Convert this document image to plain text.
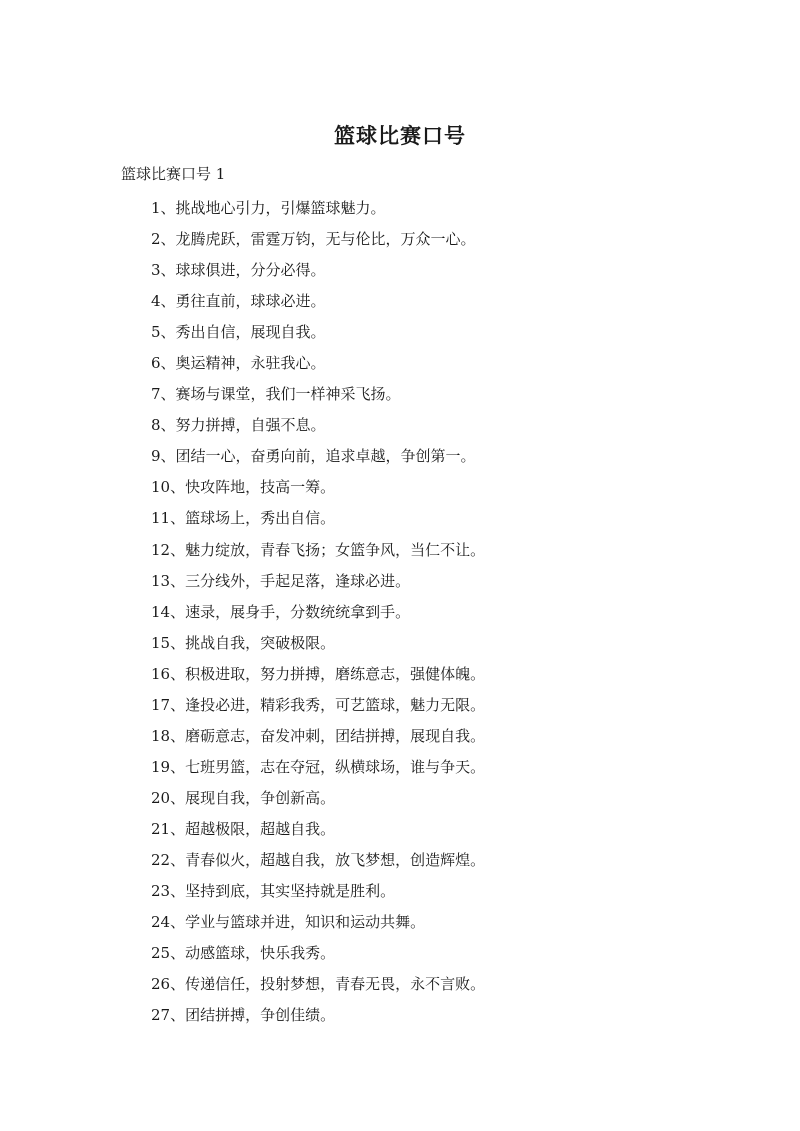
篮球比赛口号
篮球比赛口号 1
1、挑战地心引力，引爆篮球魅力。
2、龙腾虎跃，雷霆万钧，无与伦比，万众一心。
3、球球俱进，分分必得。
4、勇往直前，球球必进。
5、秀出自信，展现自我。
6、奥运精神，永驻我心。
7、赛场与课堂，我们一样神采飞扬。
8、努力拼搏，自强不息。
9、团结一心，奋勇向前，追求卓越，争创第一。
10、快攻阵地，技高一筹。
11、篮球场上，秀出自信。
12、魅力绽放，青春飞扬；女篮争风，当仁不让。
13、三分线外，手起足落，逢球必进。
14、速录，展身手，分数统统拿到手。
15、挑战自我，突破极限。
16、积极进取，努力拼搏，磨练意志，强健体魄。
17、逢投必进，精彩我秀，可艺篮球，魅力无限。
18、磨砺意志，奋发冲刺，团结拼搏，展现自我。
19、七班男篮，志在夺冠，纵横球场，谁与争天。
20、展现自我，争创新高。
21、超越极限，超越自我。
22、青春似火，超越自我，放飞梦想，创造辉煌。
23、坚持到底，其实坚持就是胜利。
24、学业与篮球并进，知识和运动共舞。
25、动感篮球，快乐我秀。
26、传递信任，投射梦想，青春无畏，永不言败。
27、团结拼搏，争创佳绩。
